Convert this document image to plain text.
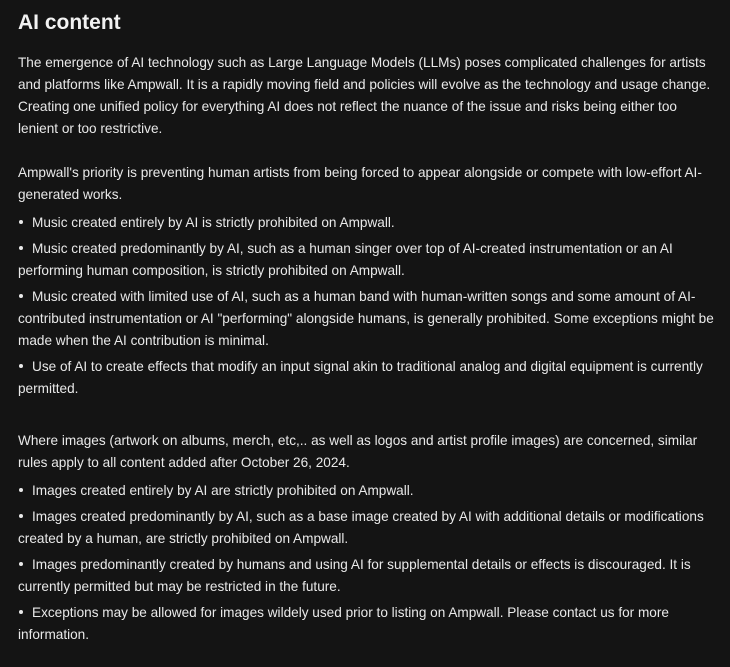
AI content

The emergence of AI technology such as Large Language Models (LLMs) poses complicated challenges for artists and platforms like Ampwall. It is a rapidly moving field and policies will evolve as the technology and usage change. Creating one unified policy for everything AI does not reflect the nuance of the issue and risks being either too lenient or too restrictive.

Ampwall's priority is preventing human artists from being forced to appear alongside or compete with low-effort AI-generated works.

Music created entirely by AI is strictly prohibited on Ampwall.
Music created predominantly by AI, such as a human singer over top of AI-created instrumentation or an AI performing human composition, is strictly prohibited on Ampwall.
Music created with limited use of AI, such as a human band with human-written songs and some amount of AI-contributed instrumentation or AI "performing" alongside humans, is generally prohibited. Some exceptions might be made when the AI contribution is minimal.
Use of AI to create effects that modify an input signal akin to traditional analog and digital equipment is currently permitted.

Where images (artwork on albums, merch, etc,.. as well as logos and artist profile images) are concerned, similar rules apply to all content added after October 26, 2024.

Images created entirely by AI are strictly prohibited on Ampwall.
Images created predominantly by AI, such as a base image created by AI with additional details or modifications created by a human, are strictly prohibited on Ampwall.
Images predominantly created by humans and using AI for supplemental details or effects is discouraged. It is currently permitted but may be restricted in the future.
Exceptions may be allowed for images wildely used prior to listing on Ampwall. Please contact us for more information.
